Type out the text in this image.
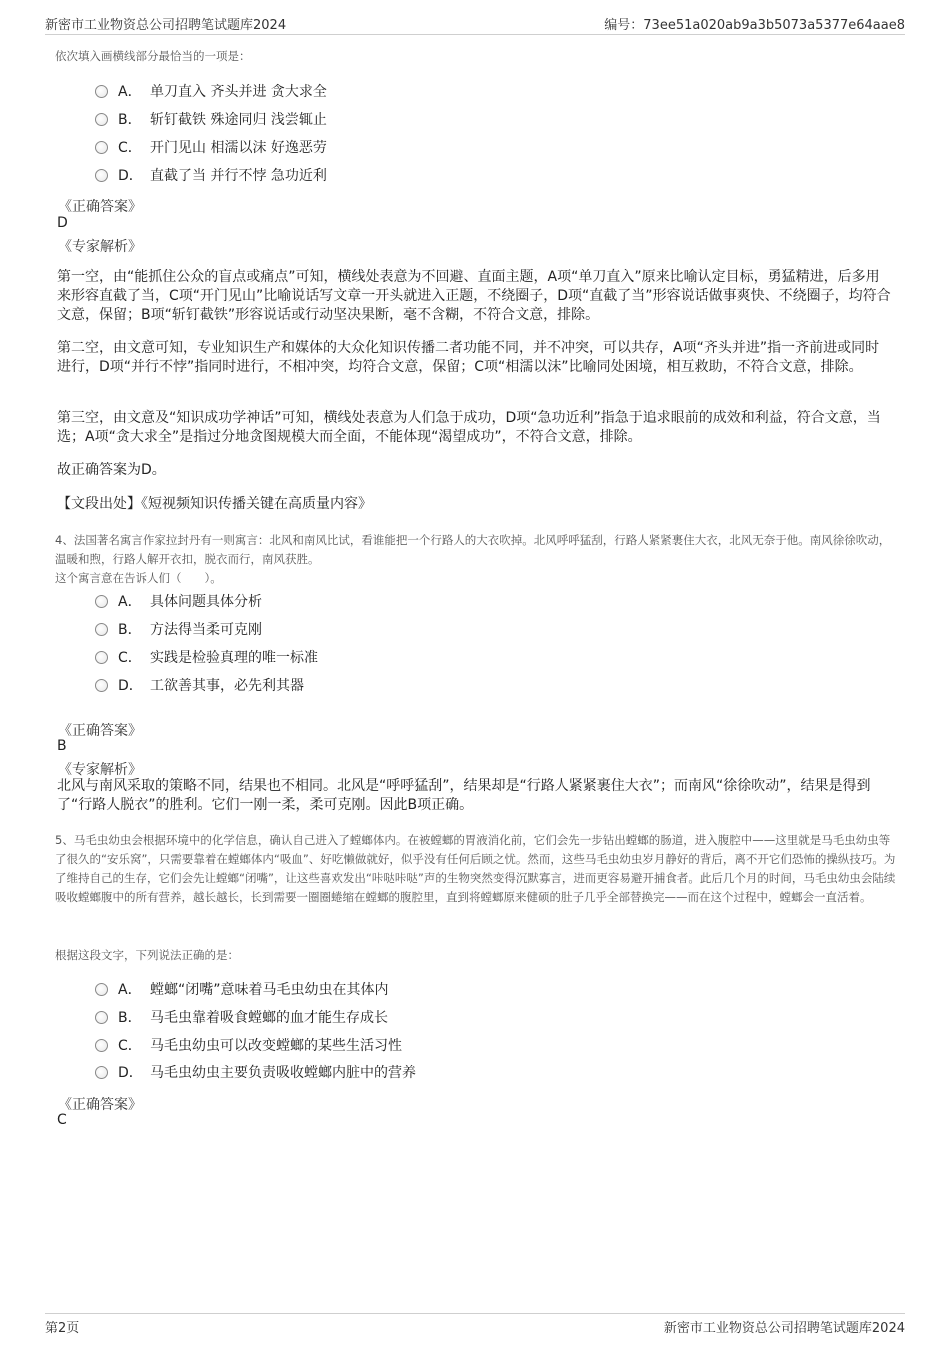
新密市工业物资总公司招聘笔试题库2024	编号：73ee51a020ab9a3b5073a5377e64aae8
依次填入画横线部分最恰当的一项是：
A． 单刀直入 齐头并进 贪大求全
B． 斩钉截铁 殊途同归 浅尝辄止
C． 开门见山 相濡以沫 好逸恶劳
D． 直截了当 并行不悖 急功近利
《正确答案》
D
《专家解析》
第一空，由“能抓住公众的盲点或痛点”可知，横线处表意为不回避、直面主题，A项“单刀直入”原来比喻认定目标，勇猛精进，后多用来形容直截了当，C项“开门见山”比喻说话写文章一开头就进入正题，不绕圈子，D项“直截了当”形容说话做事爽快、不绕圈子，均符合文意，保留；B项“斩钉截铁”形容说话或行动坚决果断，毫不含糊，不符合文意，排除。
第二空，由文意可知，专业知识生产和媒体的大众化知识传播二者功能不同，并不冲突，可以共存，A项“齐头并进”指一齐前进或同时进行，D项“并行不悖”指同时进行，不相冲突，均符合文意，保留；C项“相濡以沫”比喻同处困境，相互救助，不符合文意，排除。
第三空，由文意及“知识成功学神话”可知，横线处表意为人们急于成功，D项“急功近利”指急于追求眼前的成效和利益，符合文意，当选；A项“贪大求全”是指过分地贪图规模大而全面，不能体现“渴望成功”，不符合文意，排除。
故正确答案为D。
【文段出处】《短视频知识传播关键在高质量内容》
4、法国著名寓言作家拉封丹有一则寓言：北风和南风比试，看谁能把一个行路人的大衣吹掉。北风呼呼猛刮，行路人紧紧裹住大衣，北风无奈于他。南风徐徐吹动，温暖和煦，行路人解开衣扣，脱衣而行，南风获胜。
这个寓言意在告诉人们（　　）。
A． 具体问题具体分析
B． 方法得当柔可克刚
C． 实践是检验真理的唯一标准
D． 工欲善其事，必先利其器
《正确答案》
B
《专家解析》
北风与南风采取的策略不同，结果也不相同。北风是“呼呼猛刮”，结果却是“行路人紧紧裹住大衣”；而南风“徐徐吹动”，结果是得到了“行路人脱衣”的胜利。它们一刚一柔，柔可克刚。因此B项正确。
5、马毛虫幼虫会根据环境中的化学信息，确认自己进入了螳螂体内。在被螳螂的胃液消化前，它们会先一步钻出螳螂的肠道，进入腹腔中——这里就是马毛虫幼虫等了很久的“安乐窝”，只需要靠着在螳螂体内“吸血”、好吃懒做就好，似乎没有任何后顾之忧。然而，这些马毛虫幼虫岁月静好的背后，离不开它们恐怖的操纵技巧。为了维持自己的生存，它们会先让螳螂“闭嘴”，让这些喜欢发出“咔哒咔哒”声的生物突然变得沉默寡言，进而更容易避开捕食者。此后几个月的时间，马毛虫幼虫会陆续吸收螳螂腹中的所有营养，越长越长，长到需要一圈圈蜷缩在螳螂的腹腔里，直到将螳螂原来健硕的肚子几乎全部替换完——而在这个过程中，螳螂会一直活着。
根据这段文字，下列说法正确的是：
A． 螳螂“闭嘴”意味着马毛虫幼虫在其体内
B． 马毛虫靠着吸食螳螂的血才能生存成长
C． 马毛虫幼虫可以改变螳螂的某些生活习性
D． 马毛虫幼虫主要负责吸收螳螂内脏中的营养
《正确答案》
C
第2页	新密市工业物资总公司招聘笔试题库2024
